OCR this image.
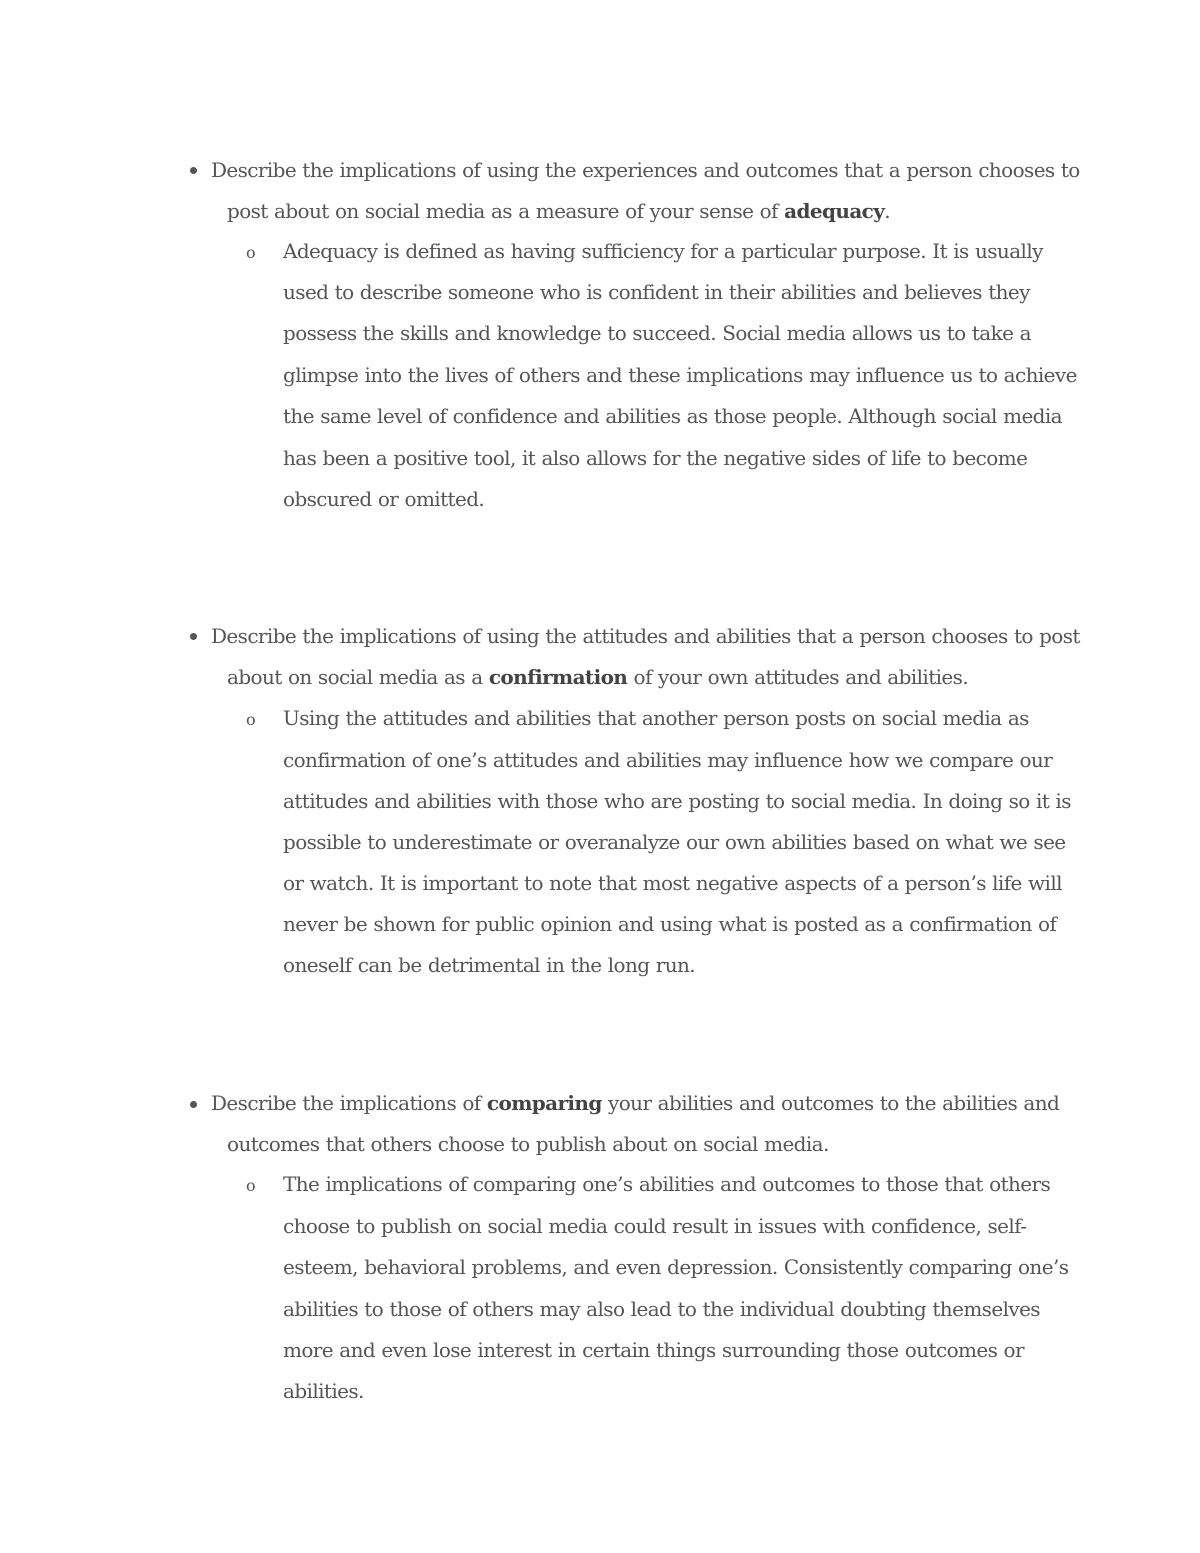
Describe the implications of using the experiences and outcomes that a person chooses to
post about on social media as a measure of your sense of adequacy.
o Adequacy is defined as having sufficiency for a particular purpose. It is usually
used to describe someone who is confident in their abilities and believes they
possess the skills and knowledge to succeed. Social media allows us to take a
glimpse into the lives of others and these implications may influence us to achieve
the same level of confidence and abilities as those people. Although social media
has been a positive tool, it also allows for the negative sides of life to become
obscured or omitted.
Describe the implications of using the attitudes and abilities that a person chooses to post
about on social media as a confirmation of your own attitudes and abilities.
o Using the attitudes and abilities that another person posts on social media as
confirmation of one’s attitudes and abilities may influence how we compare our
attitudes and abilities with those who are posting to social media. In doing so it is
possible to underestimate or overanalyze our own abilities based on what we see
or watch. It is important to note that most negative aspects of a person’s life will
never be shown for public opinion and using what is posted as a confirmation of
oneself can be detrimental in the long run.
Describe the implications of comparing your abilities and outcomes to the abilities and
outcomes that others choose to publish about on social media.
o The implications of comparing one’s abilities and outcomes to those that others
choose to publish on social media could result in issues with confidence, self-
esteem, behavioral problems, and even depression. Consistently comparing one’s
abilities to those of others may also lead to the individual doubting themselves
more and even lose interest in certain things surrounding those outcomes or
abilities.
